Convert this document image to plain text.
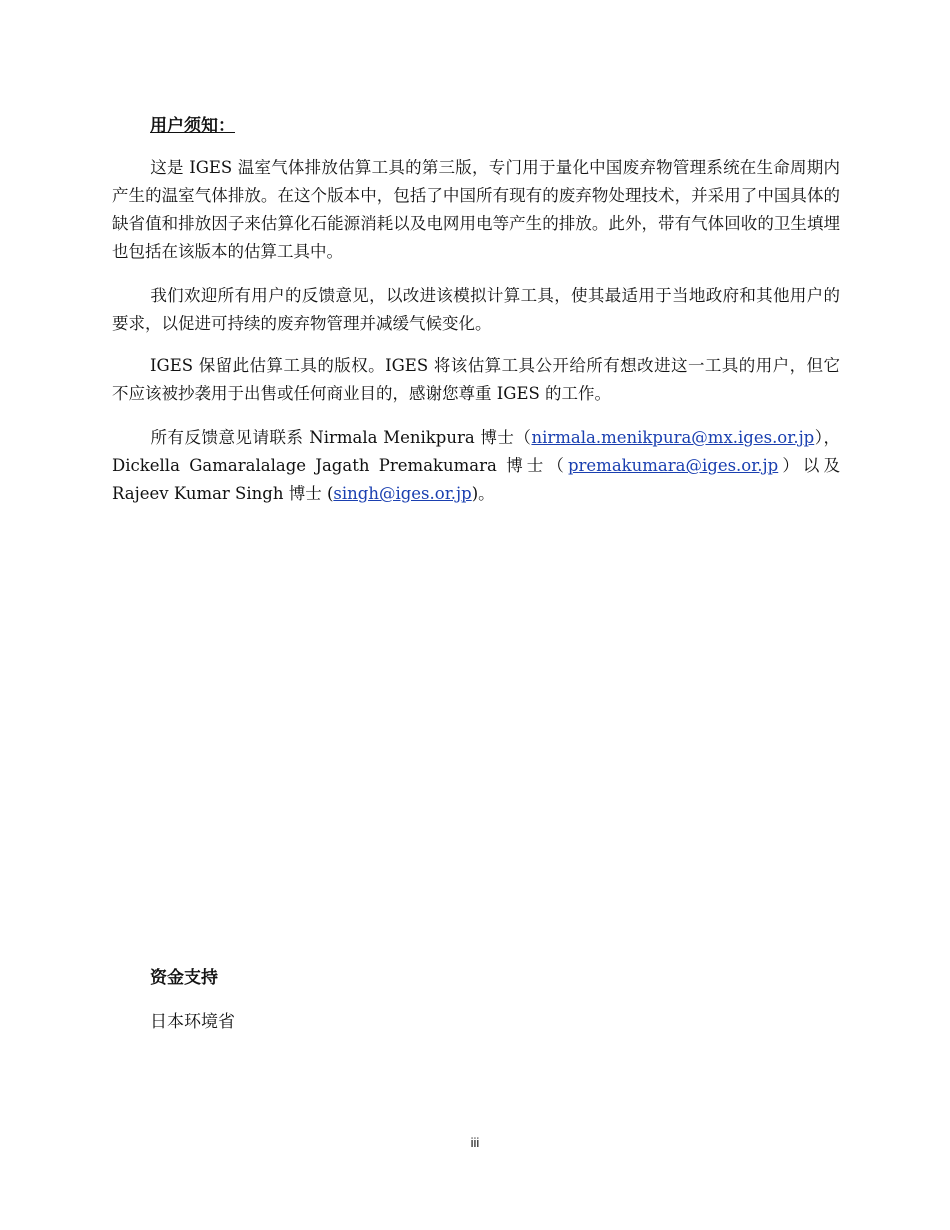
用户须知：

这是 IGES 温室气体排放估算工具的第三版，专门用于量化中国废弃物管理系统在生命周期内产生的温室气体排放。在这个版本中，包括了中国所有现有的废弃物处理技术，并采用了中国具体的缺省值和排放因子来估算化石能源消耗以及电网用电等产生的排放。此外，带有气体回收的卫生填埋也包括在该版本的估算工具中。

我们欢迎所有用户的反馈意见，以改进该模拟计算工具，使其最适用于当地政府和其他用户的要求，以促进可持续的废弃物管理并减缓气候变化。

IGES 保留此估算工具的版权。IGES 将该估算工具公开给所有想改进这一工具的用户，但它不应该被抄袭用于出售或任何商业目的，感谢您尊重 IGES 的工作。

所有反馈意见请联系 Nirmala Menikpura 博士（nirmala.menikpura@mx.iges.or.jp），Dickella Gamaralalage Jagath Premakumara 博士（premakumara@iges.or.jp）以及 Rajeev Kumar Singh 博士 (singh@iges.or.jp)。

资金支持
日本环境省
iii
